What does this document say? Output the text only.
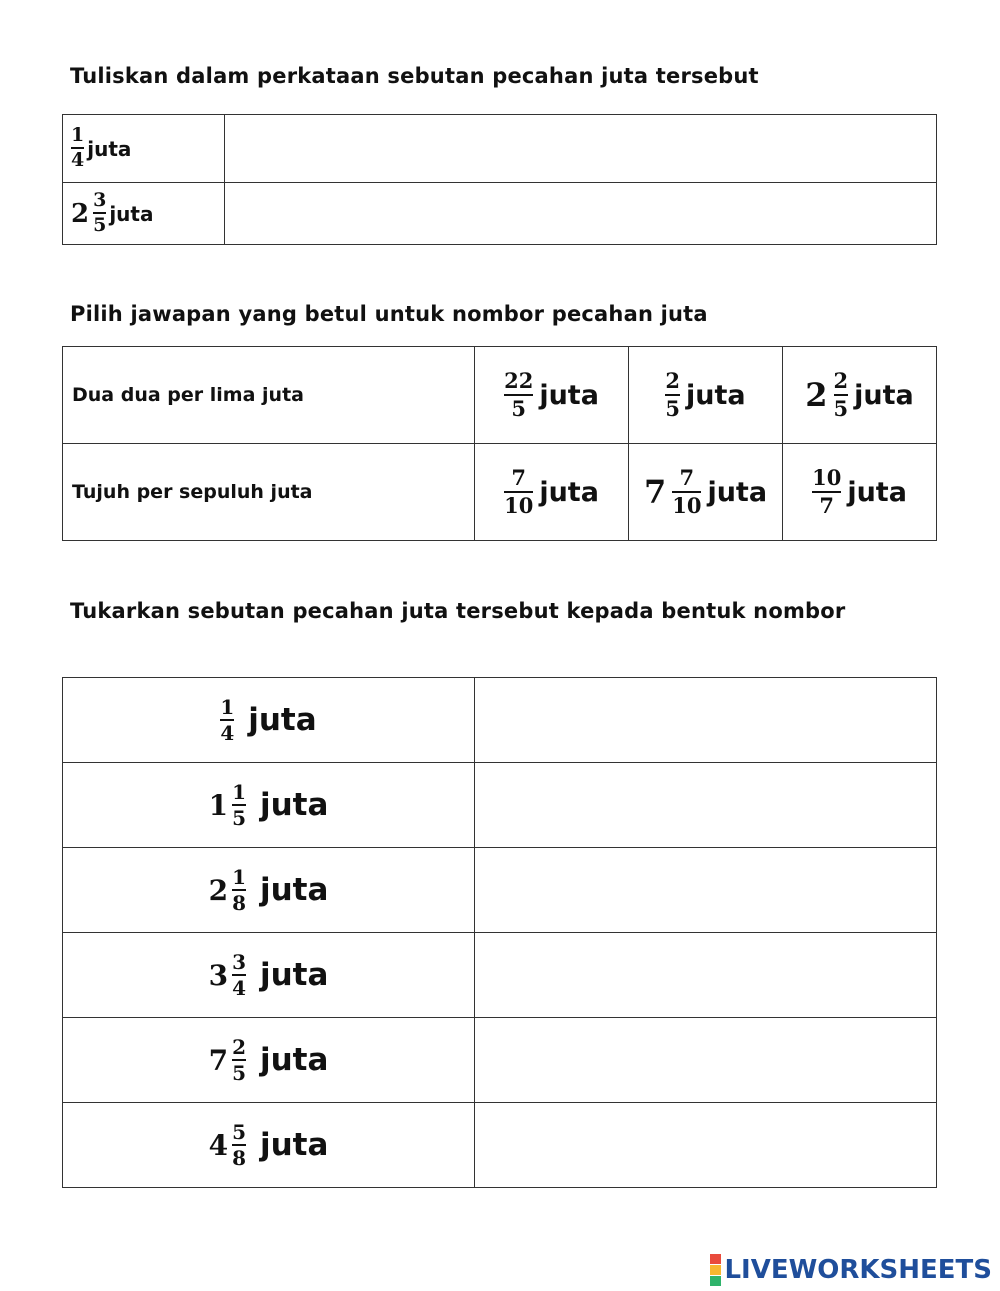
Tuliskan dalam perkataan sebutan pecahan juta tersebut
$\frac{1}{4}$ juta	
$2 \frac{3}{5}$ juta	
Pilih jawapan yang betul untuk nombor pecahan juta
Dua dua per lima juta	$\frac{22}{5}$ juta	$\frac{2}{5}$ juta	$2 \frac{2}{5}$ juta
Tujuh per sepuluh juta	$\frac{7}{10}$ juta	$7 \frac{7}{10}$ juta	$\frac{10}{7}$ juta
Tukarkan sebutan pecahan juta tersebut kepada bentuk nombor
$\frac{1}{4}$ juta	
$1 \frac{1}{5}$ juta	
$2 \frac{1}{8}$ juta	
$3 \frac{3}{4}$ juta	
$7 \frac{2}{5}$ juta	
$4 \frac{5}{8}$ juta	
LIVEWORKSHEETS
